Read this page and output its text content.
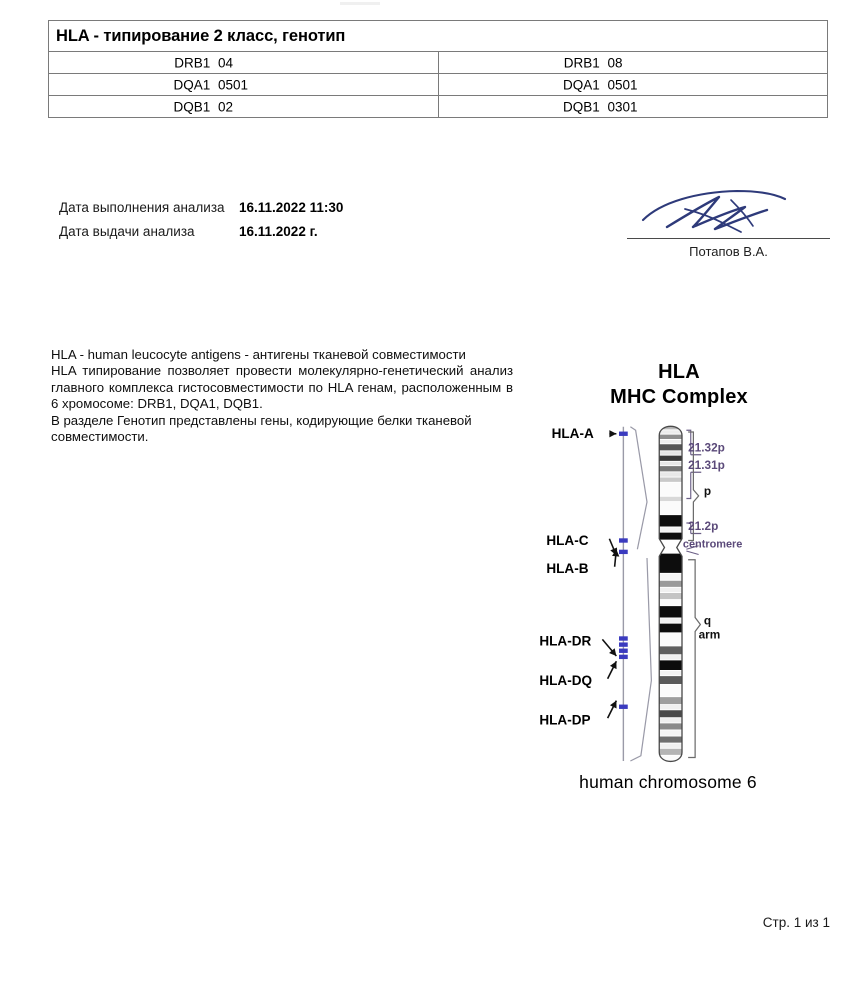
HLA - типирование 2 класс, генотип	

DRB1 04	DRB1 08

DQA1 0501	DQA1 0501

DQB1 02	DQB1 0301
Дата выполнения анализа 16.11.2022 11:30
Дата выдачи анализа	16.11.2022 г.
Потапов В.А.
HLA - human leucocyte antigens - антигены тканевой совместимости
HLA типирование позволяет провести молекулярно-генетический анализ главного комплекса гистосовместимости по HLA генам, расположенным в 6 хромосоме: DRB1, DQA1, DQB1.
В разделе Генотип представлены гены, кодирующие белки тканевой совместимости.
HLA
MHC Complex
21.32p
21.31p
p
21.2p
centromere
q
arm
HLA-A
HLA-C
HLA-B
HLA-DR
HLA-DQ
HLA-DP
human chromosome 6
Стр. 1 из 1
